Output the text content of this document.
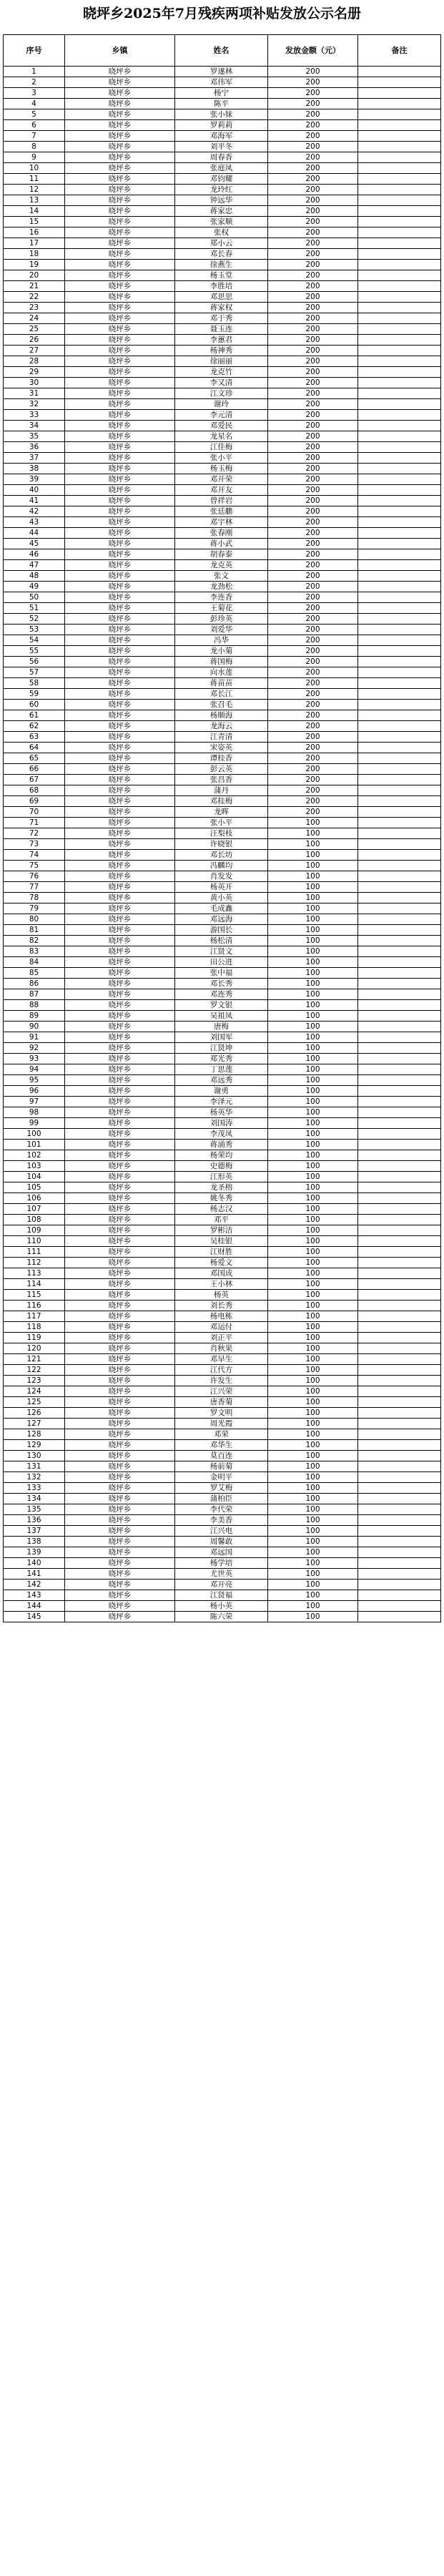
晓坪乡2025年7月残疾两项补贴发放公示名册
序号	乡镇	姓名	发放金额（元）	备注
1	晓坪乡	罗遂林	200	
2	晓坪乡	邓伟军	200	
3	晓坪乡	杨宁	200	
4	晓坪乡	陈平	200	
5	晓坪乡	张小妹	200	
6	晓坪乡	罗莉莉	200	
7	晓坪乡	邓海军	200	
8	晓坪乡	刘平冬	200	
9	晓坪乡	周春香	200	
10	晓坪乡	张庭凤	200	
11	晓坪乡	邓钧耀	200	
12	晓坪乡	龙玲红	200	
13	晓坪乡	钟远华	200	
14	晓坪乡	蒋家忠	200	
15	晓坪乡	张家顺	200	
16	晓坪乡	张权	200	
17	晓坪乡	郑小云	200	
18	晓坪乡	邓长春	200	
19	晓坪乡	徐燕生	200	
20	晓坪乡	杨玉堂	200	
21	晓坪乡	李胜培	200	
22	晓坪乡	邓思思	200	
23	晓坪乡	蒋家权	200	
24	晓坪乡	邓于秀	200	
25	晓坪乡	聂玉连	200	
26	晓坪乡	李蕙君	200	
27	晓坪乡	杨神秀	200	
28	晓坪乡	徐丽丽	200	
29	晓坪乡	龙克竹	200	
30	晓坪乡	李又清	200	
31	晓坪乡	江文珍	200	
32	晓坪乡	谢玲	200	
33	晓坪乡	李元清	200	
34	晓坪乡	邓爱民	200	
35	晓坪乡	龙星名	200	
36	晓坪乡	江佳梅	200	
37	晓坪乡	张小平	200	
38	晓坪乡	杨玉梅	200	
39	晓坪乡	邓开荣	200	
40	晓坪乡	邓开友	200	
41	晓坪乡	曾祥岩	200	
42	晓坪乡	张廷鹏	200	
43	晓坪乡	邓宇林	200	
44	晓坪乡	张春刚	200	
45	晓坪乡	蒋小武	200	
46	晓坪乡	胡春泰	200	
47	晓坪乡	龙克英	200	
48	晓坪乡	张文	200	
49	晓坪乡	龙劲松	200	
50	晓坪乡	李连香	200	
51	晓坪乡	王菊花	200	
52	晓坪乡	彭珍英	200	
53	晓坪乡	刘爱华	200	
54	晓坪乡	冯华	200	
55	晓坪乡	龙小菊	200	
56	晓坪乡	蒋国梅	200	
57	晓坪乡	向水莲	200	
58	晓坪乡	蒋苗苗	200	
59	晓坪乡	邓长江	200	
60	晓坪乡	张召毛	200	
61	晓坪乡	杨顺海	200	
62	晓坪乡	龙海云	200	
63	晓坪乡	江青清	200	
64	晓坪乡	宋姿英	200	
65	晓坪乡	谭桂香	200	
66	晓坪乡	彭云英	200	
67	晓坪乡	张昌香	200	
68	晓坪乡	蒲丹	200	
69	晓坪乡	邓桂梅	200	
70	晓坪乡	龙晖	200	
71	晓坪乡	张小平	100	
72	晓坪乡	汪梨枝	100	
73	晓坪乡	许晓银	100	
74	晓坪乡	邓长坊	100	
75	晓坪乡	冯麟均	100	
76	晓坪乡	肖发发	100	
77	晓坪乡	杨英开	100	
78	晓坪乡	黄小英	100	
79	晓坪乡	毛成鑫	100	
80	晓坪乡	邓远海	100	
81	晓坪乡	游国长	100	
82	晓坪乡	杨松清	100	
83	晓坪乡	江贤文	100	
84	晓坪乡	田公进	100	
85	晓坪乡	张中福	100	
86	晓坪乡	邓长秀	100	
87	晓坪乡	邓连秀	100	
88	晓坪乡	罗文银	100	
89	晓坪乡	吴祖凤	100	
90	晓坪乡	唐梅	100	
91	晓坪乡	刘国军	100	
92	晓坪乡	江贤坤	100	
93	晓坪乡	郑光秀	100	
94	晓坪乡	丁思莲	100	
95	晓坪乡	邓远秀	100	
96	晓坪乡	谢勇	100	
97	晓坪乡	李泽元	100	
98	晓坪乡	杨英华	100	
99	晓坪乡	刘国涛	100	
100	晓坪乡	李茂凤	100	
101	晓坪乡	蒋涌秀	100	
102	晓坪乡	杨荣均	100	
103	晓坪乡	史德梅	100	
104	晓坪乡	江形英	100	
105	晓坪乡	龙圣榕	100	
106	晓坪乡	姚冬秀	100	
107	晓坪乡	杨志汉	100	
108	晓坪乡	邓平	100	
109	晓坪乡	罗彬洁	100	
110	晓坪乡	吴桂银	100	
111	晓坪乡	江财胜	100	
112	晓坪乡	杨爱文	100	
113	晓坪乡	邓国成	100	
114	晓坪乡	王小林	100	
115	晓坪乡	杨英	100	
116	晓坪乡	刘长秀	100	
117	晓坪乡	杨电栋	100	
118	晓坪乡	邓运付	100	
119	晓坪乡	刘正平	100	
120	晓坪乡	肖秋果	100	
121	晓坪乡	邓早生	100	
122	晓坪乡	江代方	100	
123	晓坪乡	许发生	100	
124	晓坪乡	江兴荣	100	
125	晓坪乡	唐香菊	100	
126	晓坪乡	罗文明	100	
127	晓坪乡	周光霞	100	
128	晓坪乡	邓荣	100	
129	晓坪乡	邓华生	100	
130	晓坪乡	莫百连	100	
131	晓坪乡	杨前菊	100	
132	晓坪乡	金明平	100	
133	晓坪乡	罗艾梅	100	
134	晓坪乡	蒲柏臣	100	
135	晓坪乡	李代荣	100	
136	晓坪乡	李美香	100	
137	晓坪乡	江兴电	100	
138	晓坪乡	周馨敢	100	
139	晓坪乡	邓远国	100	
140	晓坪乡	杨学培	100	
141	晓坪乡	尤世英	100	
142	晓坪乡	邓开亮	100	
143	晓坪乡	江贤福	100	
144	晓坪乡	杨小英	100	
145	晓坪乡	陈六荣	100	
